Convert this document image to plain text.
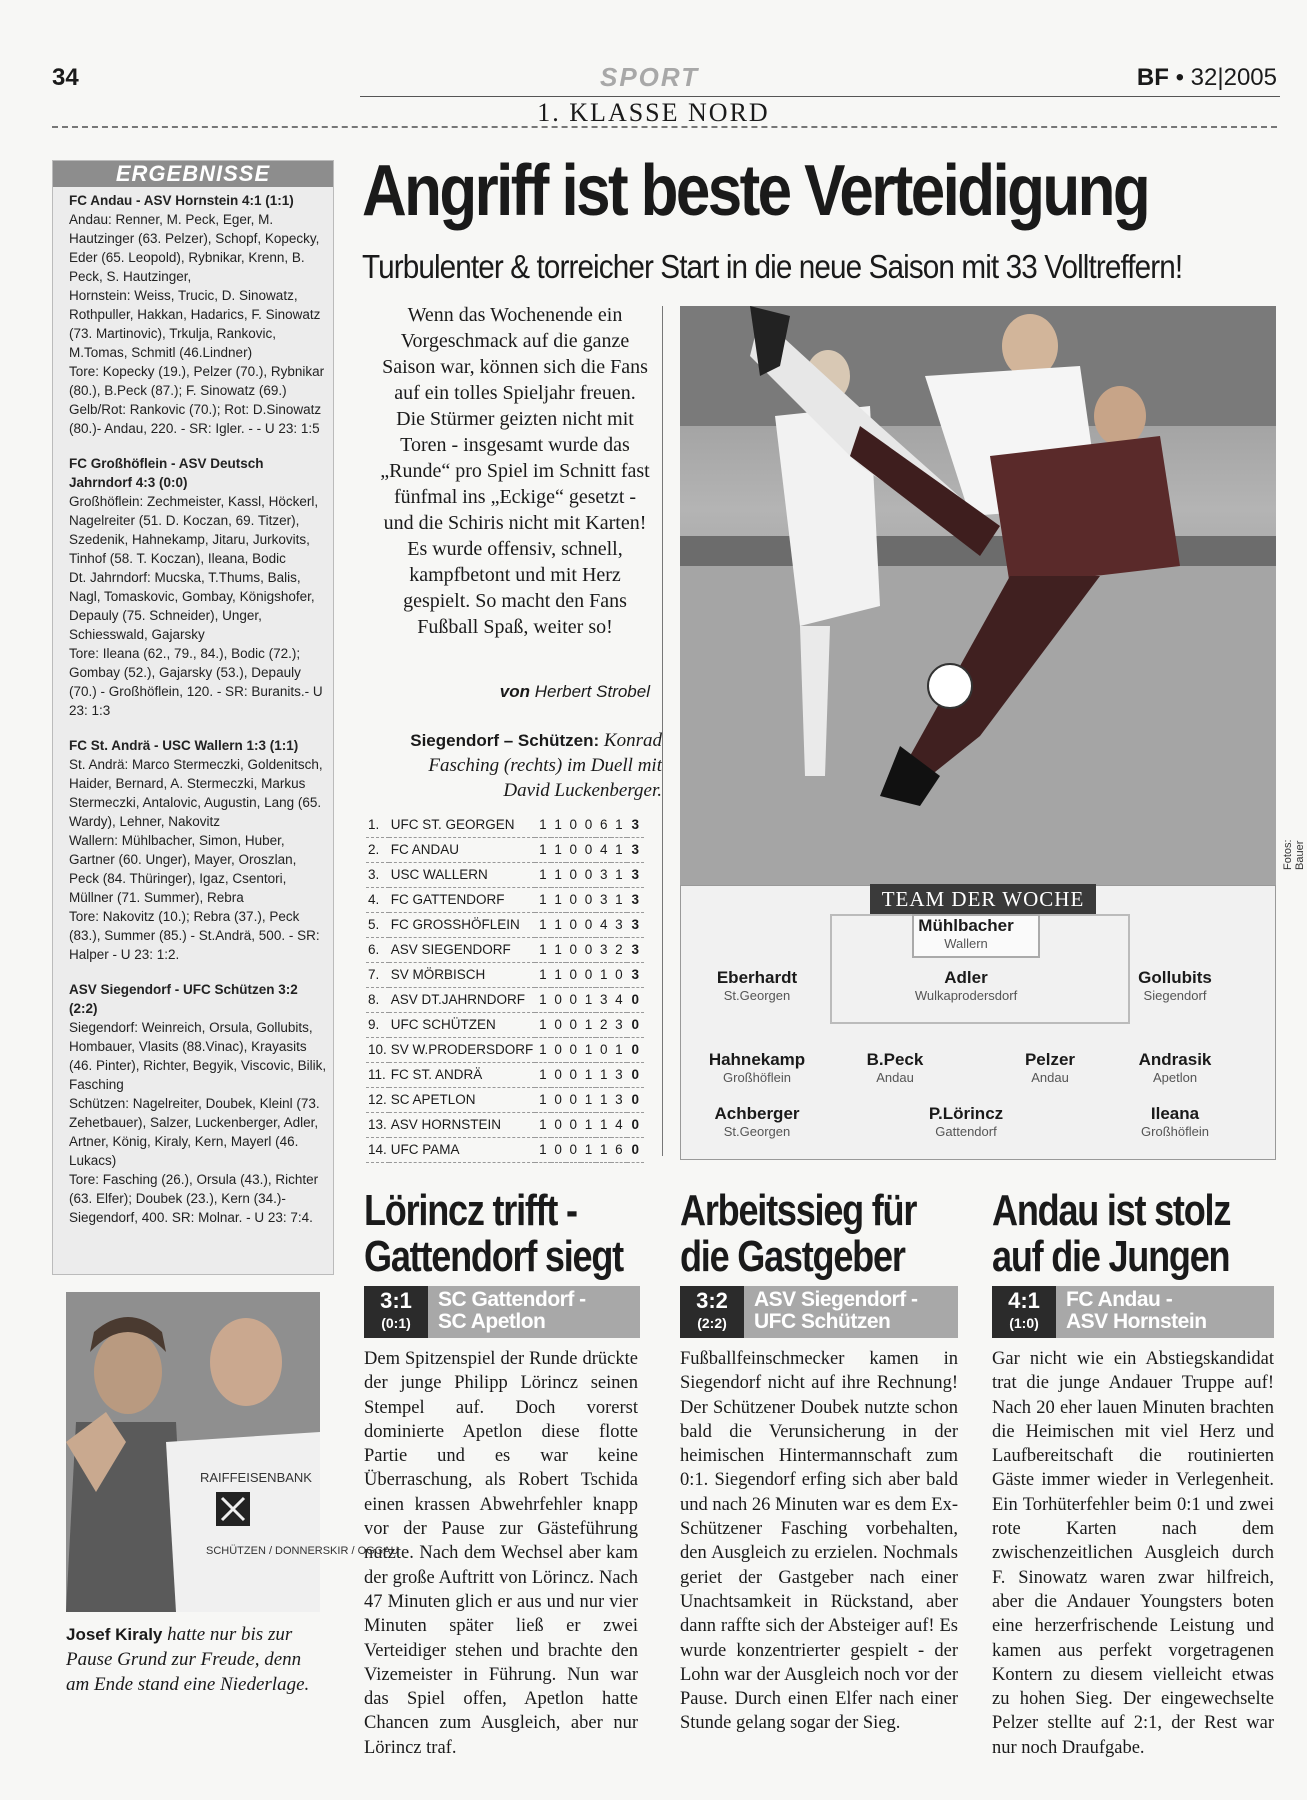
34	SPORT	BF • 32|2005
1. KLASSE NORD
ERGEBNISSE

FC Andau - ASV Hornstein 4:1 (1:1)

Andau: Renner, M. Peck, Eger, M. Hautzinger (63. Pelzer), Schopf, Kopecky, Eder (65. Leopold), Rybnikar, Krenn, B. Peck, S. Hautzinger,

Hornstein: Weiss, Trucic, D. Sinowatz, Rothpuller, Hakkan, Hadarics, F. Sinowatz (73. Martinovic), Trkulja, Rankovic, M.Tomas, Schmitl (46.Lindner)

Tore: Kopecky (19.), Pelzer (70.), Rybnikar (80.), B.Peck (87.); F. Sinowatz (69.) Gelb/Rot: Rankovic (70.); Rot: D.Sinowatz (80.)- Andau, 220. - SR: Igler. - - U 23: 1:5

FC Großhöflein - ASV Deutsch Jahrndorf 4:3 (0:0)

Großhöflein: Zechmeister, Kassl, Höckerl, Nagelreiter (51. D. Koczan, 69. Titzer), Szedenik, Hahnekamp, Jitaru, Jurkovits, Tinhof (58. T. Koczan), Ileana, Bodic

Dt. Jahrndorf: Mucska, T.Thums, Balis, Nagl, Tomaskovic, Gombay, Königshofer, Depauly (75. Schneider), Unger, Schiesswald, Gajarsky

Tore: Ileana (62., 79., 84.), Bodic (72.); Gombay (52.), Gajarsky (53.), Depauly (70.) - Großhöflein, 120. - SR: Buranits.- U 23: 1:3

FC St. Andrä - USC Wallern 1:3 (1:1)

St. Andrä: Marco Stermeczki, Goldenitsch, Haider, Bernard, A. Stermeczki, Markus Stermeczki, Antalovic, Augustin, Lang (65. Wardy), Lehner, Nakovitz

Wallern: Mühlbacher, Simon, Huber, Gartner (60. Unger), Mayer, Oroszlan, Peck (84. Thüringer), Igaz, Csentori, Müllner (71. Summer), Rebra

Tore: Nakovitz (10.); Rebra (37.), Peck (83.), Summer (85.) - St.Andrä, 500. - SR: Halper - U 23: 1:2.

ASV Siegendorf - UFC Schützen 3:2 (2:2)

Siegendorf: Weinreich, Orsula, Gollubits, Hombauer, Vlasits (88.Vinac), Krayasits (46. Pinter), Richter, Begyik, Viscovic, Bilik, Fasching

Schützen: Nagelreiter, Doubek, Kleinl (73. Zehetbauer), Salzer, Luckenberger, Adler, Artner, König, Kiraly, Kern, Mayerl (46. Lukacs)

Tore: Fasching (26.), Orsula (43.), Richter (63. Elfer); Doubek (23.), Kern (34.)- Siegendorf, 400. SR: Molnar. - U 23: 7:4.

Angriff ist beste Verteidigung
Turbulenter & torreicher Start in die neue Saison mit 33 Volltreffern!
Wenn das Wochenende ein Vorgeschmack auf die ganze Saison war, können sich die Fans auf ein tolles Spieljahr freuen. Die Stürmer geizten nicht mit Toren - insgesamt wurde das „Runde“ pro Spiel im Schnitt fast fünfmal ins „Eckige“ gesetzt - und die Schiris nicht mit Karten! Es wurde offensiv, schnell, kampfbetont und mit Herz gespielt. So macht den Fans Fußball Spaß, weiter so!
von Herbert Strobel
Siegendorf – Schützen: Konrad Fasching (rechts) im Duell mit David Luckenberger.
1.	UFC ST. GEORGEN	1	1	0	0	6	1	3
2.	FC ANDAU	1	1	0	0	4	1	3
3.	USC WALLERN	1	1	0	0	3	1	3
4.	FC GATTENDORF	1	1	0	0	3	1	3
5.	FC GROSSHÖFLEIN	1	1	0	0	4	3	3
6.	ASV SIEGENDORF	1	1	0	0	3	2	3
7.	SV MÖRBISCH	1	1	0	0	1	0	3
8.	ASV DT.JAHRNDORF	1	0	0	1	3	4	0
9.	UFC SCHÜTZEN	1	0	0	1	2	3	0
10.	SV W.PRODERSDORF	1	0	0	1	0	1	0
11.	FC ST. ANDRÄ	1	0	0	1	1	3	0
12.	SC APETLON	1	0	0	1	1	3	0
13.	ASV HORNSTEIN	1	0	0	1	1	4	0
14.	UFC PAMA	1	0	0	1	1	6	0
Fotos: Bauer
TEAM DER WOCHE
Mühlbacher
Wallern
Eberhardt
St.Georgen
Adler
Wulkaprodersdorf
Gollubits
Siegendorf
Hahnekamp
Großhöflein
B.Peck
Andau
Pelzer
Andau
Andrasik
Apetlon
Achberger
St.Georgen
P.Lörincz
Gattendorf
Ileana
Großhöflein
Lörincz trifft -
Gattendorf siegt
3:1
(0:1)
SC Gattendorf -
SC Apetlon
Dem Spitzenspiel der Runde drückte der junge Philipp Lörincz seinen Stempel auf. Doch vorerst dominierte Apetlon diese flotte Partie und es war keine Überraschung, als Robert Tschida einen krassen Abwehrfehler knapp vor der Pause zur Gästeführung nutzte. Nach dem Wechsel aber kam der große Auftritt von Lörincz. Nach 47 Minuten glich er aus und nur vier Minuten später ließ er zwei Verteidiger stehen und brachte den Vizemeister in Führung. Nun war das Spiel offen, Apetlon hatte Chancen zum Ausgleich, aber nur Lörincz traf.
Arbeitssieg für
die Gastgeber
3:2
(2:2)
ASV Siegendorf -
UFC Schützen
Fußballfeinschmecker kamen in Siegendorf nicht auf ihre Rechnung! Der Schützener Doubek nutzte schon bald die Verunsicherung in der heimischen Hintermannschaft zum 0:1. Siegendorf erfing sich aber bald und nach 26 Minuten war es dem Ex-Schützener Fasching vorbehalten, den Ausgleich zu erzielen. Nochmals geriet der Gastgeber nach einer Unachtsamkeit in Rückstand, aber dann raffte sich der Absteiger auf! Es wurde konzentrierter gespielt - der Lohn war der Ausgleich noch vor der Pause. Durch einen Elfer nach einer Stunde gelang sogar der Sieg.
Andau ist stolz
auf die Jungen
4:1
(1:0)
FC Andau -
ASV Hornstein
Gar nicht wie ein Abstiegskandidat trat die junge Andauer Truppe auf! Nach 20 eher lauen Minuten brachten die Heimischen mit viel Herz und Laufbereitschaft die routinierten Gäste immer wieder in Verlegenheit. Ein Torhüterfehler beim 0:1 und zwei rote Karten nach dem zwischenzeitlichen Ausgleich durch F. Sinowatz waren zwar hilfreich, aber die Andauer Youngsters boten eine herzerfrischende Leistung und kamen aus perfekt vorgetragenen Kontern zu diesem vielleicht etwas zu hohen Sieg. Der eingewechselte Pelzer stellte auf 2:1, der Rest war nur noch Draufgabe.
RAIFFEISENBANK
SCHÜTZEN / DONNERSKIR / OGGAU
Josef Kiraly hatte nur bis zur Pause Grund zur Freude, denn am Ende stand eine Niederlage.
